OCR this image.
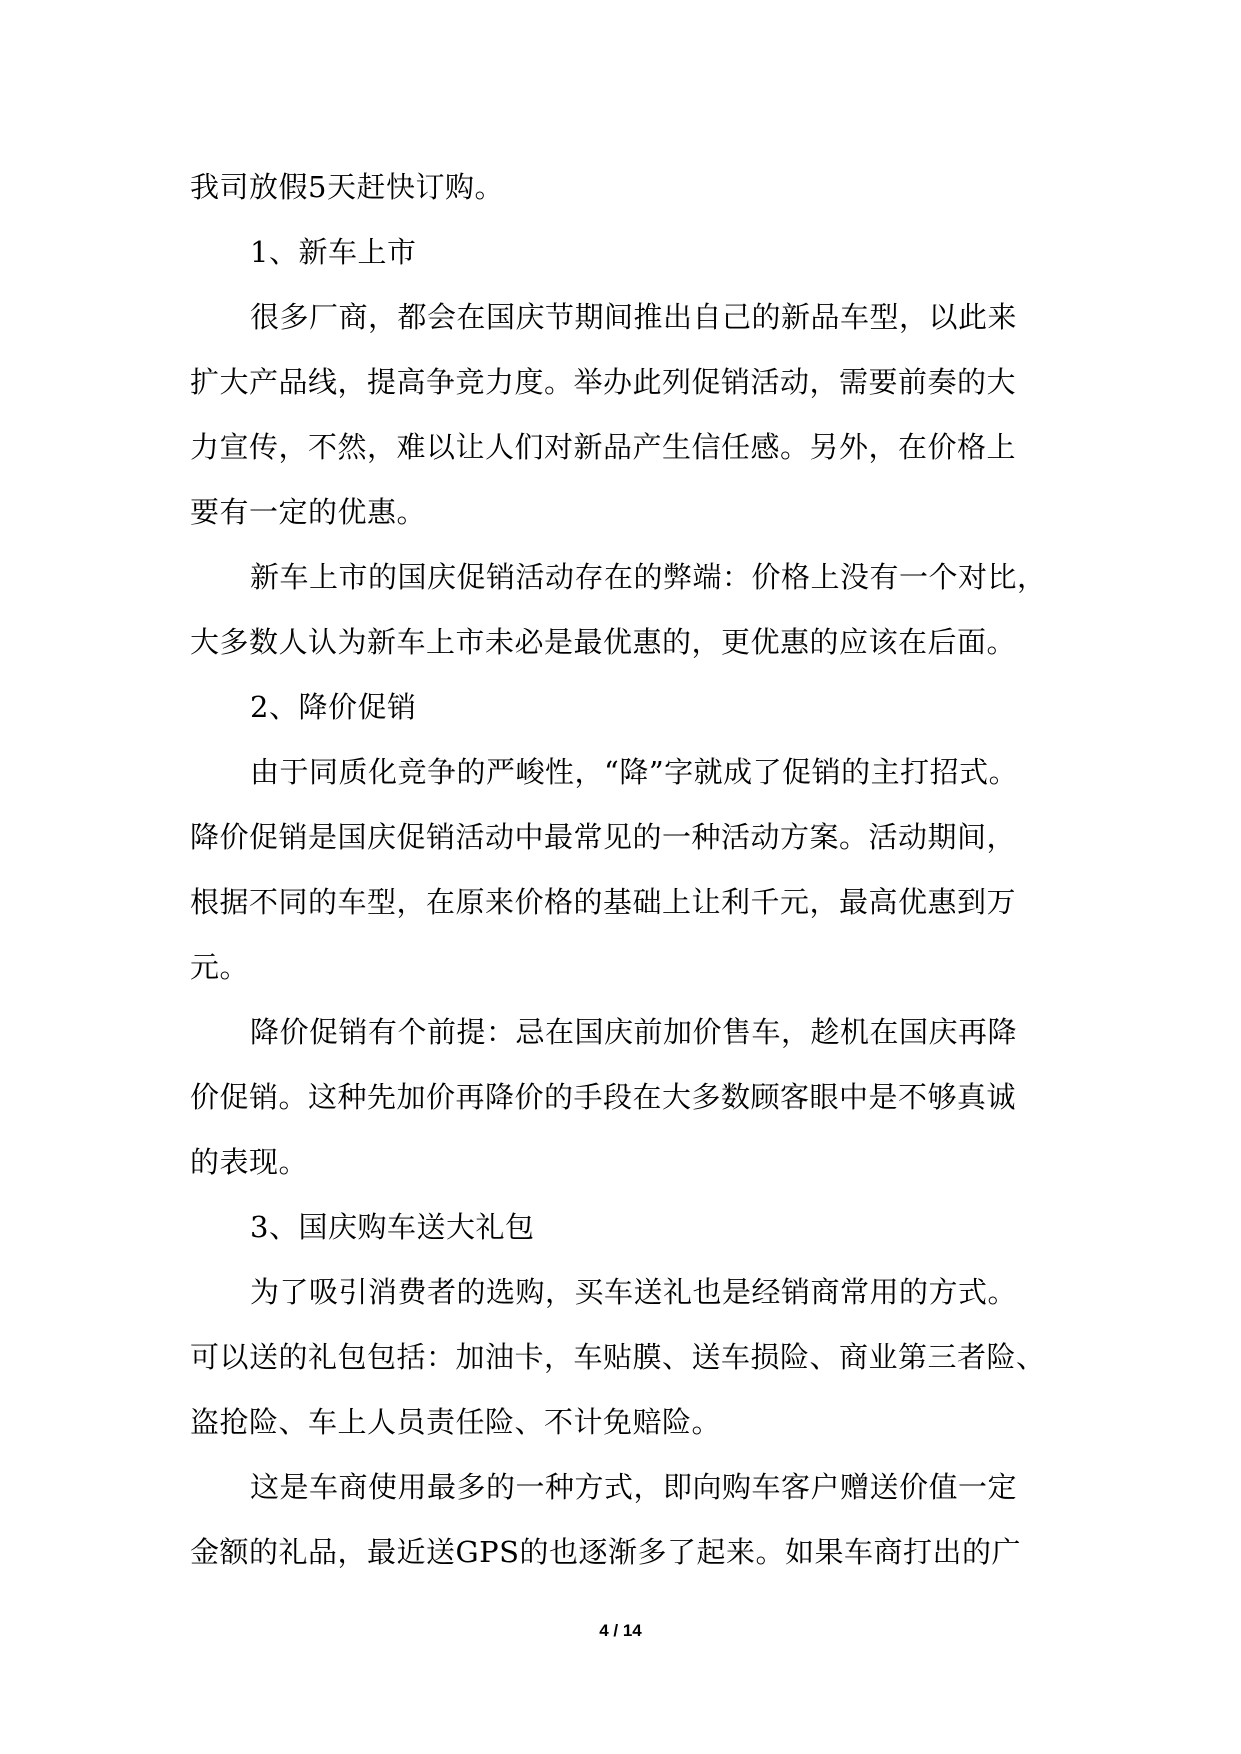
我司放假5天赶快订购。
1、新车上市
很多厂商，都会在国庆节期间推出自己的新品车型，以此来
扩大产品线，提高争竞力度。举办此列促销活动，需要前奏的大
力宣传，不然，难以让人们对新品产生信任感。另外，在价格上
要有一定的优惠。
新车上市的国庆促销活动存在的弊端：价格上没有一个对比，
大多数人认为新车上市未必是最优惠的，更优惠的应该在后面。
2、降价促销
由于同质化竞争的严峻性，“降”字就成了促销的主打招式。
降价促销是国庆促销活动中最常见的一种活动方案。活动期间，
根据不同的车型，在原来价格的基础上让利千元，最高优惠到万
元。
降价促销有个前提：忌在国庆前加价售车，趁机在国庆再降
价促销。这种先加价再降价的手段在大多数顾客眼中是不够真诚
的表现。
3、国庆购车送大礼包
为了吸引消费者的选购，买车送礼也是经销商常用的方式。
可以送的礼包包括：加油卡，车贴膜、送车损险、商业第三者险、
盗抢险、车上人员责任险、不计免赔险。
这是车商使用最多的一种方式，即向购车客户赠送价值一定
金额的礼品，最近送GPS的也逐渐多了起来。如果车商打出的广
4 / 14
